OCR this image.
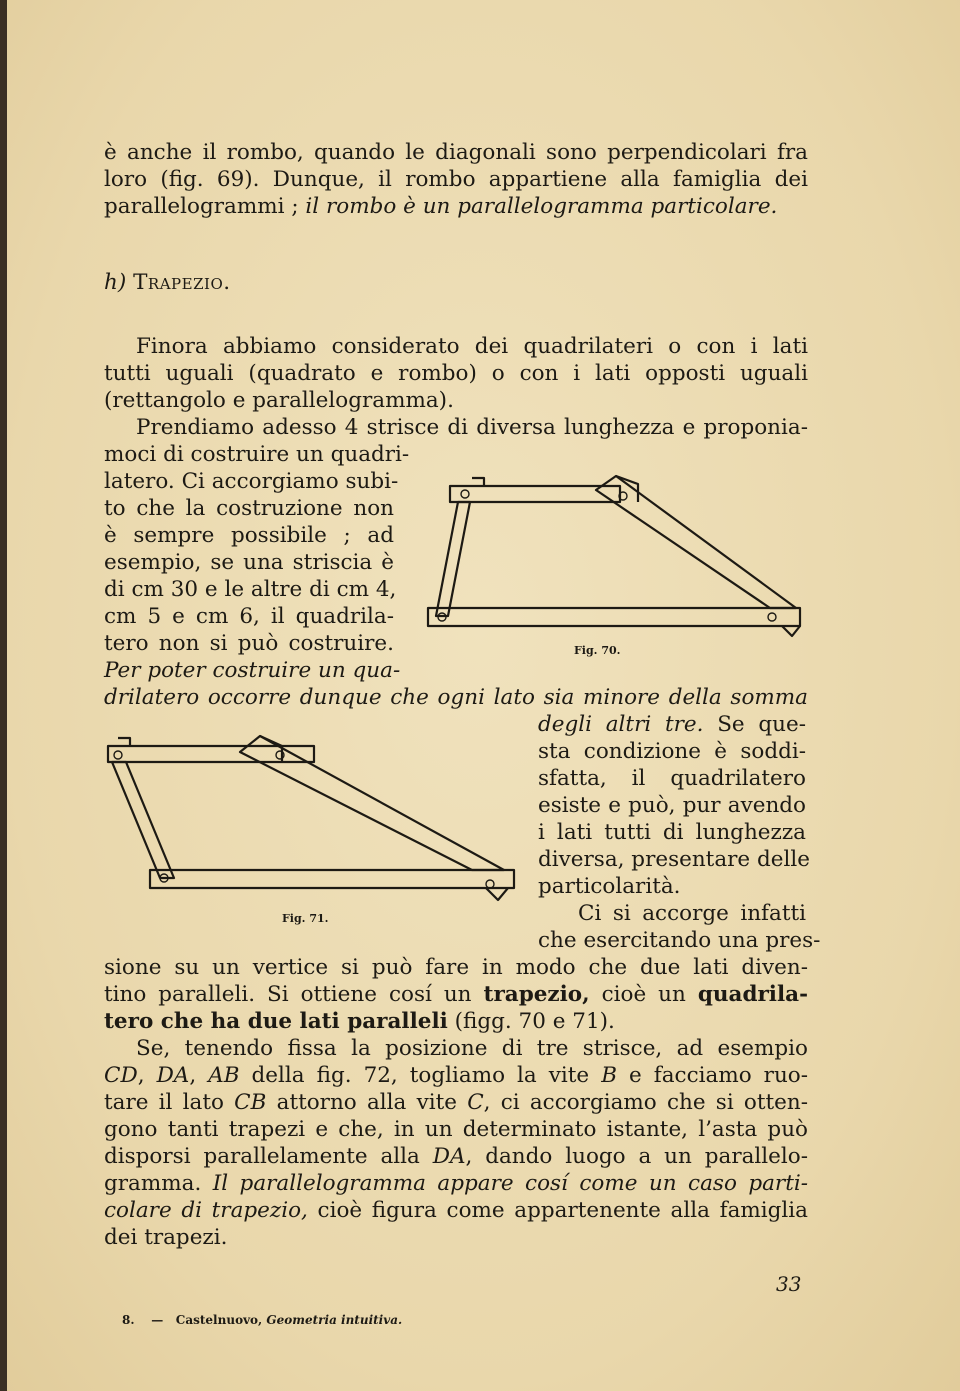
è anche il rombo, quando le diagonali sono perpendicolari fra
loro (fig. 69). Dunque, il rombo appartiene alla famiglia dei
parallelogrammi ; il rombo è un parallelogramma particolare.
h) Trapezio.
Finora abbiamo considerato dei quadrilateri o con i lati
tutti uguali (quadrato e rombo) o con i lati opposti uguali
(rettangolo e parallelogramma).
Prendiamo adesso 4 strisce di diversa lunghezza e proponia-
moci di costruire un quadri-
latero. Ci accorgiamo subi-
to che la costruzione non
è sempre possibile ; ad
esempio, se una striscia è
di cm 30 e le altre di cm 4,
cm 5 e cm 6, il quadrila-
tero non si può costruire.
Per poter costruire un qua-
drilatero occorre dunque che ogni lato sia minore della somma
degli altri tre. Se que-
sta condizione è soddi-
sfatta, il quadrilatero
esiste e può, pur avendo
i lati tutti di lunghezza
diversa, presentare delle
particolarità.
Ci si accorge infatti
che esercitando una pres-
sione su un vertice si può fare in modo che due lati diven-
tino paralleli. Si ottiene cosí un trapezio, cioè un quadrila-
tero che ha due lati paralleli (figg. 70 e 71).
Se, tenendo fissa la posizione di tre strisce, ad esempio
CD, DA, AB della fig. 72, togliamo la vite B e facciamo ruo-
tare il lato CB attorno alla vite C, ci accorgiamo che si otten-
gono tanti trapezi e che, in un determinato istante, l’asta può
disporsi parallelamente alla DA, dando luogo a un parallelo-
gramma. Il parallelogramma appare cosí come un caso parti-
colare di trapezio, cioè figura come appartenente alla famiglia
dei trapezi.
Fig. 70.
Fig. 71.
33
8. — Castelnuovo, Geometria intuitiva.
